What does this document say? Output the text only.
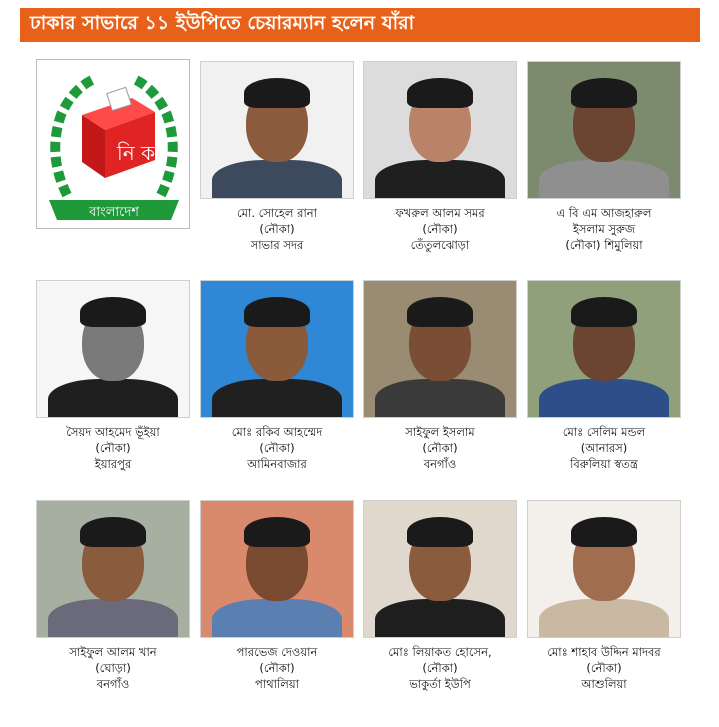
ঢাকার সাভারে ১১ ইউপিতে চেয়ারম্যান হলেন যাঁরা
নি ক
বাংলাদেশ	মো. সোহেল রানা
(নৌকা)
সাভার সদর
ফখরুল আলম সমর
(নৌকা)
তেঁতুলঝোড়া
এ বি এম আজহারুল
ইসলাম সুরুজ
(নৌকা) শিমুলিয়া
সৈয়দ আহমেদ ভূঁইয়া
(নৌকা)
ইয়ারপুর
মোঃ রকিব আহম্মেদ
(নৌকা)
আমিনবাজার
সাইফুল ইসলাম
(নৌকা)
বনগাঁও
মোঃ সেলিম মন্ডল
(আনারস)
বিরুলিয়া স্বতন্ত্র
সাইফুল আলম খান
(ঘোড়া)
বনগাঁও
পারভেজ দেওয়ান
(নৌকা)
পাথালিয়া
মোঃ লিয়াকত হোসেন,
(নৌকা)
ভাকুর্তা ইউপি
মোঃ শাহাব উদ্দিন মাদবর
(নৌকা)
আশুলিয়া
